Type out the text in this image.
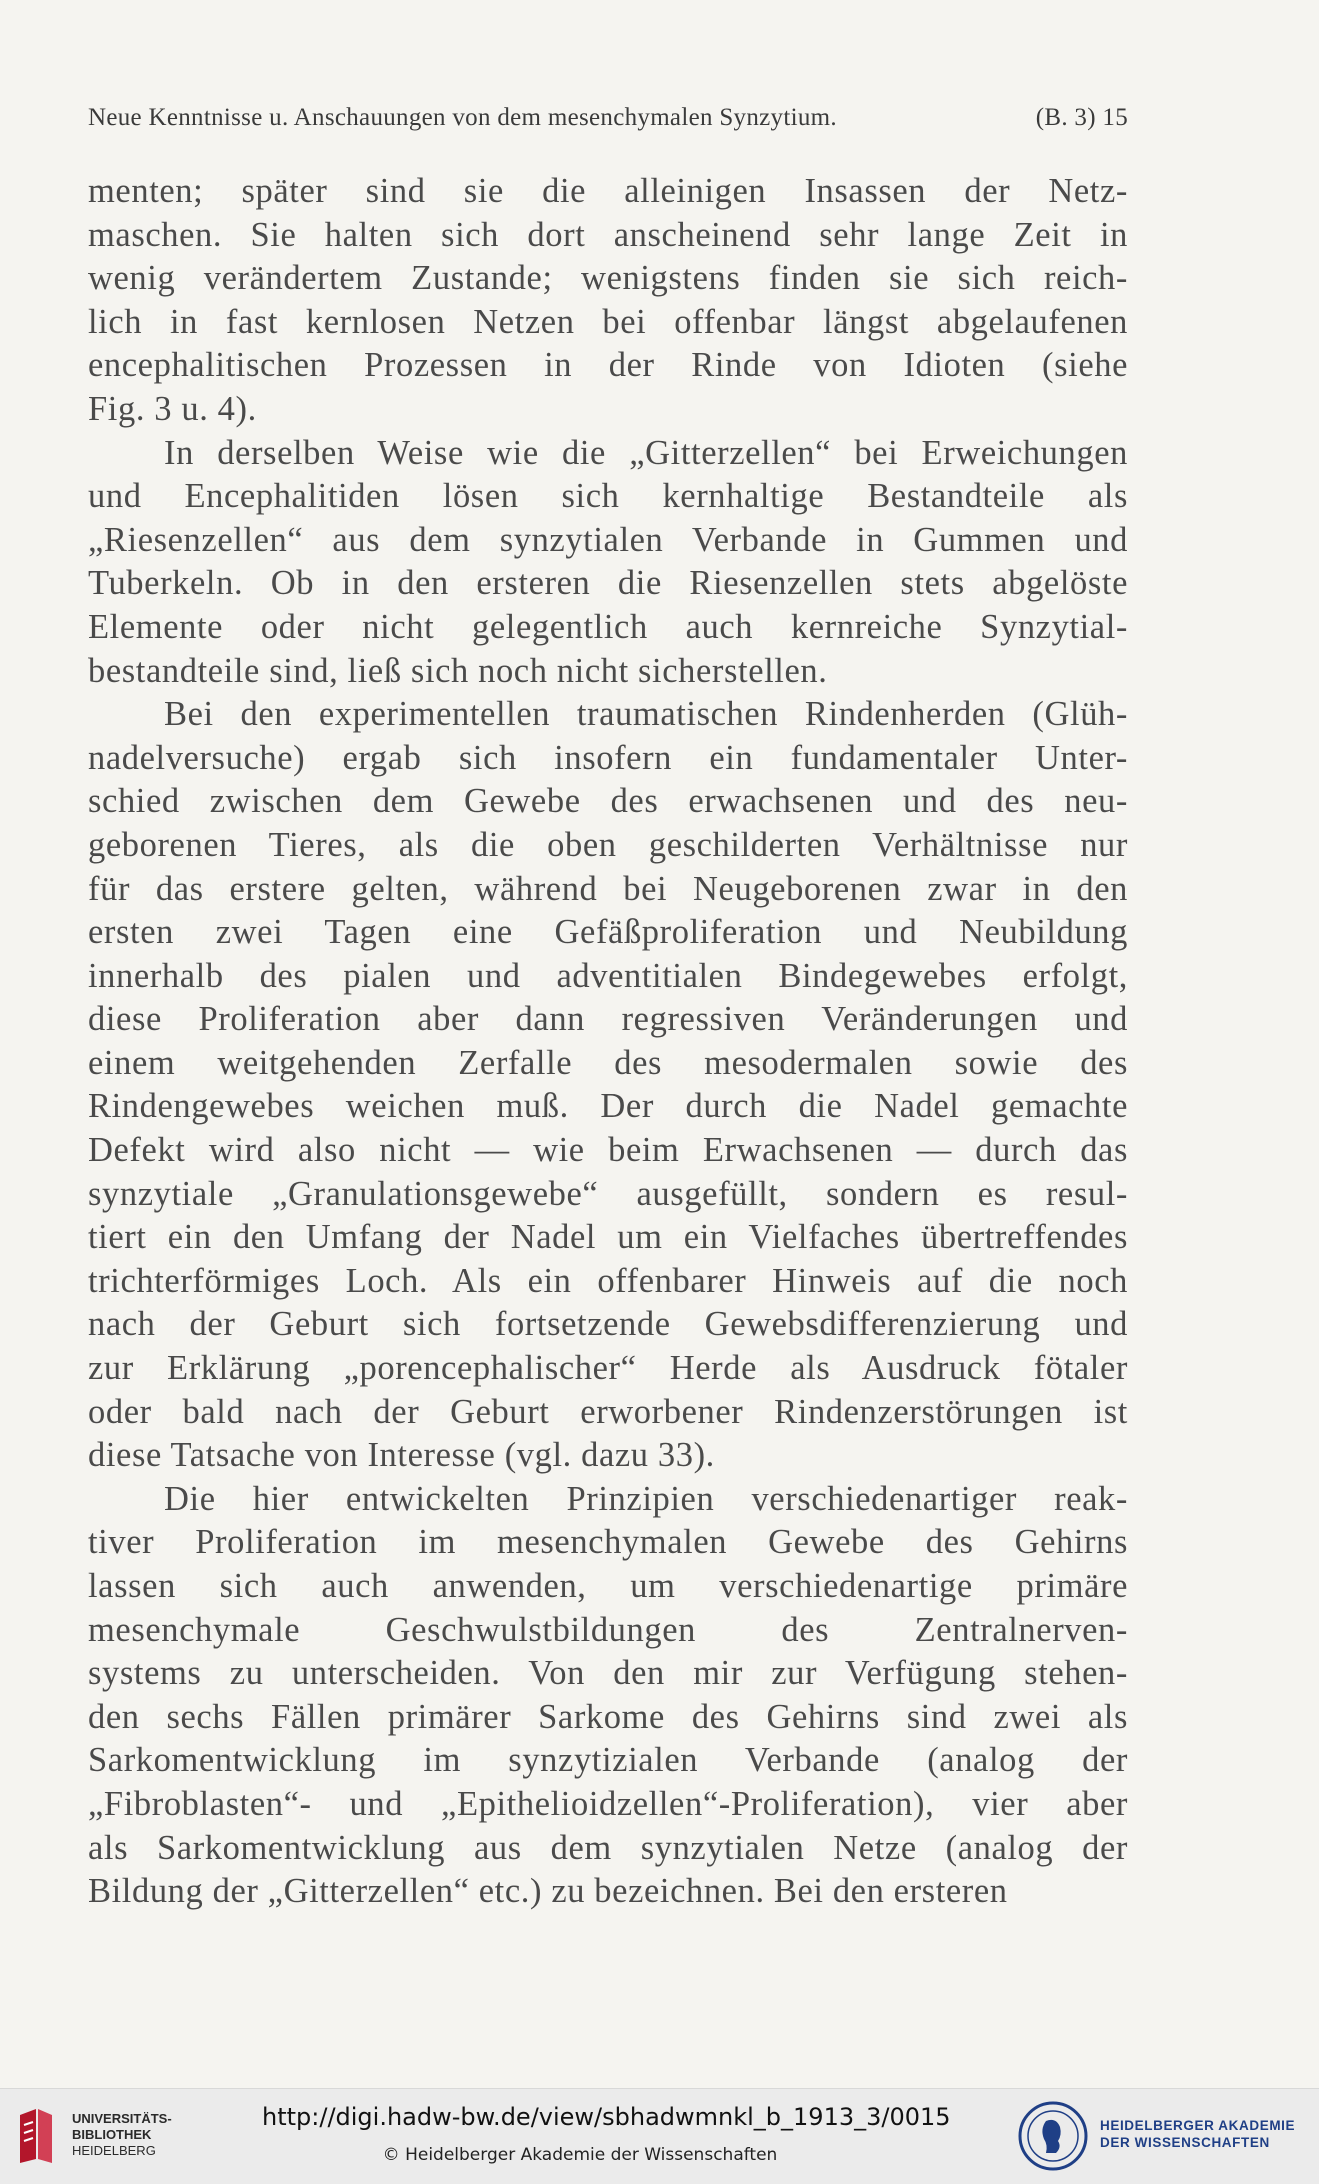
Neue Kenntnisse u. Anschauungen von dem mesenchymalen Synzytium.	(B. 3) 15
menten; später sind sie die alleinigen Insassen der Netz-
maschen. Sie halten sich dort anscheinend sehr lange Zeit in
wenig verändertem Zustande; wenigstens finden sie sich reich-
lich in fast kernlosen Netzen bei offenbar längst abgelaufenen
encephalitischen Prozessen in der Rinde von Idioten (siehe
Fig. 3 u. 4).
In derselben Weise wie die „Gitterzellen“ bei Erweichungen
und Encephalitiden lösen sich kernhaltige Bestandteile als
„Riesenzellen“ aus dem synzytialen Verbande in Gummen und
Tuberkeln. Ob in den ersteren die Riesenzellen stets abgelöste
Elemente oder nicht gelegentlich auch kernreiche Synzytial-
bestandteile sind, ließ sich noch nicht sicherstellen.
Bei den experimentellen traumatischen Rindenherden (Glüh-
nadelversuche) ergab sich insofern ein fundamentaler Unter-
schied zwischen dem Gewebe des erwachsenen und des neu-
geborenen Tieres, als die oben geschilderten Verhältnisse nur
für das erstere gelten, während bei Neugeborenen zwar in den
ersten zwei Tagen eine Gefäßproliferation und Neubildung
innerhalb des pialen und adventitialen Bindegewebes erfolgt,
diese Proliferation aber dann regressiven Veränderungen und
einem weitgehenden Zerfalle des mesodermalen sowie des
Rindengewebes weichen muß. Der durch die Nadel gemachte
Defekt wird also nicht — wie beim Erwachsenen — durch das
synzytiale „Granulationsgewebe“ ausgefüllt, sondern es resul-
tiert ein den Umfang der Nadel um ein Vielfaches übertreffendes
trichterförmiges Loch. Als ein offenbarer Hinweis auf die noch
nach der Geburt sich fortsetzende Gewebsdifferenzierung und
zur Erklärung „porencephalischer“ Herde als Ausdruck fötaler
oder bald nach der Geburt erworbener Rindenzerstörungen ist
diese Tatsache von Interesse (vgl. dazu 33).
Die hier entwickelten Prinzipien verschiedenartiger reak-
tiver Proliferation im mesenchymalen Gewebe des Gehirns
lassen sich auch anwenden, um verschiedenartige primäre
mesenchymale Geschwulstbildungen des Zentralnerven-
systems zu unterscheiden. Von den mir zur Verfügung stehen-
den sechs Fällen primärer Sarkome des Gehirns sind zwei als
Sarkomentwicklung im synzytizialen Verbande (analog der
„Fibroblasten“- und „Epithelioidzellen“-Proliferation), vier aber
als Sarkomentwicklung aus dem synzytialen Netze (analog der
Bildung der „Gitterzellen“ etc.) zu bezeichnen. Bei den ersteren
UNIVERSITÄTS-
BIBLIOTHEK
HEIDELBERG
http://digi.hadw-bw.de/view/sbhadwmnkl_b_1913_3/0015
© Heidelberger Akademie der Wissenschaften
HEIDELBERGER AKADEMIE
DER WISSENSCHAFTEN
